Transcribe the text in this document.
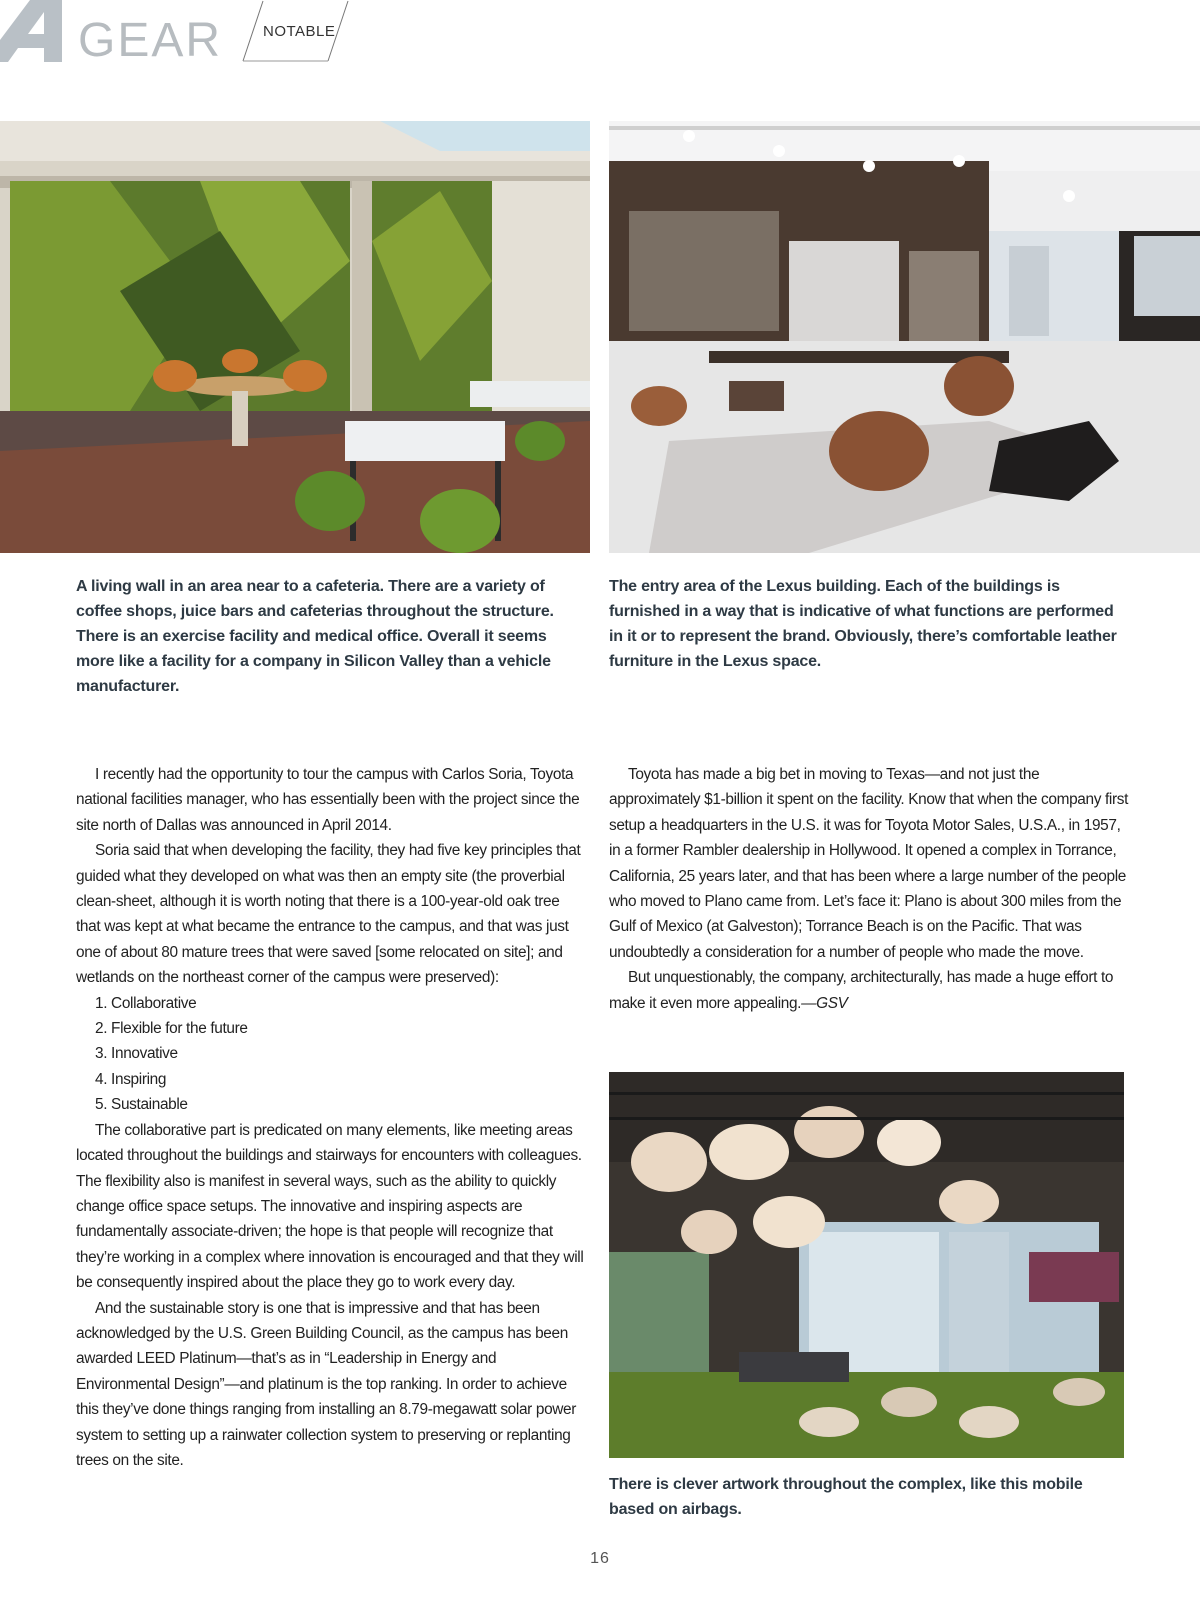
GEAR	NOTABLE
A living wall in an area near to a cafeteria. There are a variety of coffee shops, juice bars and cafeterias throughout the structure. There is an exercise facility and medical office. Overall it seems more like a facility for a company in Silicon Valley than a vehicle manufacturer.
The entry area of the Lexus building. Each of the buildings is furnished in a way that is indicative of what functions are performed in it or to represent the brand. Obviously, there’s comfortable leather furniture in the Lexus space.
There is clever artwork throughout the complex, like this mobile based on airbags.

I recently had the opportunity to tour the campus with Carlos Soria, Toyota national facilities manager, who has essentially been with the project since the site north of Dallas was announced in April 2014.

Soria said that when developing the facility, they had five key principles that guided what they developed on what was then an empty site (the proverbial clean-sheet, although it is worth noting that there is a 100-year-old oak tree that was kept at what became the entrance to the campus, and that was just one of about 80 mature trees that were saved [some relocated on site]; and wetlands on the northeast corner of the campus were preserved):

1. Collaborative
2. Flexible for the future
3. Innovative
4. Inspiring
5. Sustainable

The collaborative part is predicated on many elements, like meeting areas located throughout the buildings and stairways for encounters with colleagues. The flexibility also is manifest in several ways, such as the ability to quickly change office space setups. The innovative and inspiring aspects are fundamentally associate-driven; the hope is that people will recognize that they’re working in a complex where innovation is encouraged and that they will be consequently inspired about the place they go to work every day.

And the sustainable story is one that is impressive and that has been acknowledged by the U.S. Green Building Council, as the campus has been awarded LEED Platinum—that’s as in “Leadership in Energy and Environmental Design”—and platinum is the top ranking. In order to achieve this they’ve done things ranging from installing an 8.79-megawatt solar power system to setting up a rainwater collection system to preserving or replanting trees on the site.

Toyota has made a big bet in moving to Texas—and not just the approximately $1-billion it spent on the facility. Know that when the company first setup a headquarters in the U.S. it was for Toyota Motor Sales, U.S.A., in 1957, in a former Rambler dealership in Hollywood. It opened a complex in Torrance, California, 25 years later, and that has been where a large number of the people who moved to Plano came from. Let’s face it: Plano is about 300 miles from the Gulf of Mexico (at Galveston); Torrance Beach is on the Pacific. That was undoubtedly a consideration for a number of people who made the move.

But unquestionably, the company, architecturally, has made a huge effort to make it even more appealing.—GSV

16
